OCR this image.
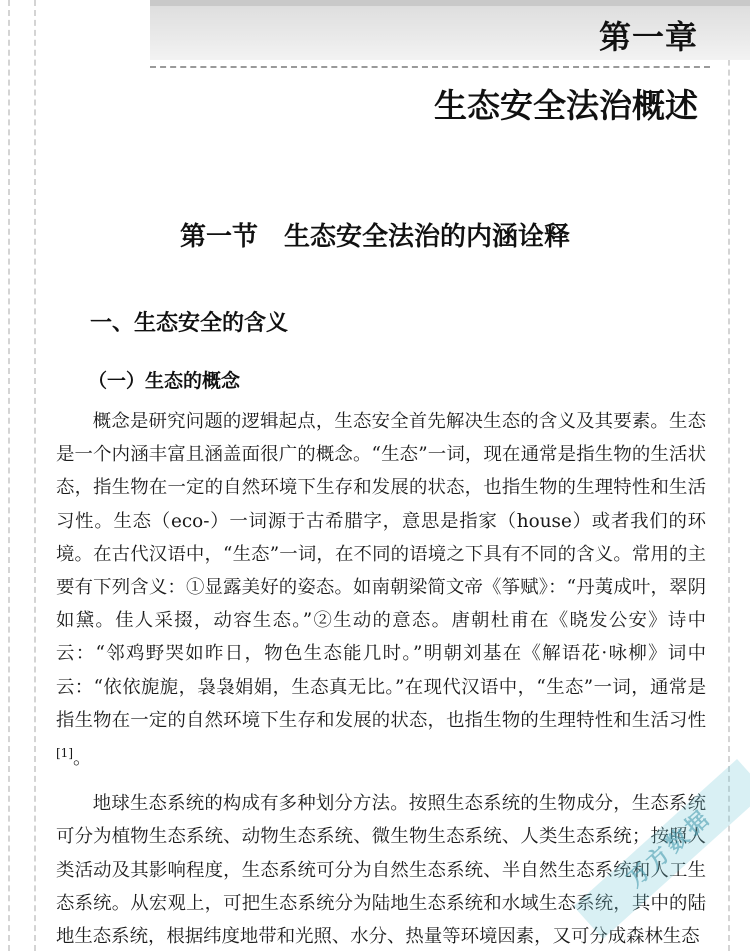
第一章
生态安全法治概述
第一节 生态安全法治的内涵诠释
一、生态安全的含义
（一）生态的概念

概念是研究问题的逻辑起点，生态安全首先解决生态的含义及其要素。生态是一个内涵丰富且涵盖面很广的概念。“生态”一词，现在通常是指生物的生活状态，指生物在一定的自然环境下生存和发展的状态，也指生物的生理特性和生活习性。生态（eco-）一词源于古希腊字，意思是指家（house）或者我们的环境。在古代汉语中，“生态”一词，在不同的语境之下具有不同的含义。常用的主要有下列含义：①显露美好的姿态。如南朝梁简文帝《筝赋》：“丹荑成叶，翠阴如黛。佳人采掇，动容生态。”②生动的意态。唐朝杜甫在《晓发公安》诗中云：“邻鸡野哭如昨日，物色生态能几时。”明朝刘基在《解语花·咏柳》词中云：“依依旎旎，袅袅娟娟，生态真无比。”在现代汉语中，“生态”一词，通常是指生物在一定的自然环境下生存和发展的状态，也指生物的生理特性和生活习性[1]。

地球生态系统的构成有多种划分方法。按照生态系统的生物成分，生态系统可分为植物生态系统、动物生态系统、微生物生态系统、人类生态系统；按照人类活动及其影响程度，生态系统可分为自然生态系统、半自然生态系统和人工生态系统。从宏观上，可把生态系统分为陆地生态系统和水域生态系统，其中的陆地生态系统，根据纬度地带和光照、水分、热量等环境因素，又可分成森林生态

万方数据
